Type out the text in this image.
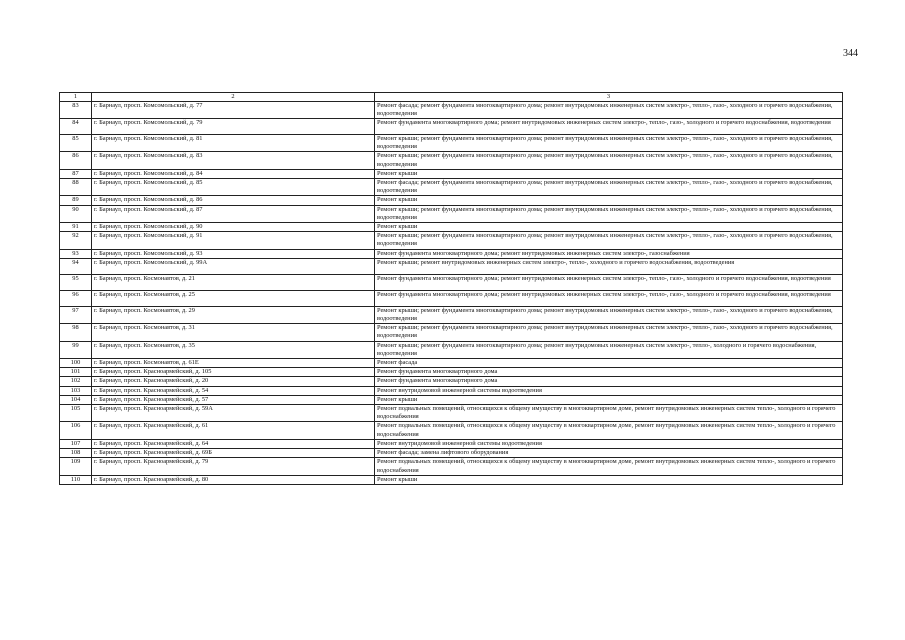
344
1	2	3
83	г. Барнаул, просп. Комсомольский, д. 77	Ремонт фасада; ремонт фундамента многоквартирного дома; ремонт внутридомовых инженерных систем электро-, тепло-, газо-, холодного и горячего водоснабжения, водоотведения
84	г. Барнаул, просп. Комсомольский, д. 79	Ремонт фундамента многоквартирного дома; ремонт внутридомовых инженерных систем электро-, тепло-, газо-, холодного и горячего водоснабжения, водоотведения
85	г. Барнаул, просп. Комсомольский, д. 81	Ремонт крыши; ремонт фундамента многоквартирного дома; ремонт внутридомовых инженерных систем электро-, тепло-, газо-, холодного и горячего водоснабжения, водоотведения
86	г. Барнаул, просп. Комсомольский, д. 83	Ремонт крыши; ремонт фундамента многоквартирного дома; ремонт внутридомовых инженерных систем электро-, тепло-, газо-, холодного и горячего водоснабжения, водоотведения
87	г. Барнаул, просп. Комсомольский, д. 84	Ремонт крыши
88	г. Барнаул, просп. Комсомольский, д. 85	Ремонт фасада; ремонт фундамента многоквартирного дома; ремонт внутридомовых инженерных систем электро-, тепло-, газо-, холодного и горячего водоснабжения, водоотведения
89	г. Барнаул, просп. Комсомольский, д. 86	Ремонт крыши
90	г. Барнаул, просп. Комсомольский, д. 87	Ремонт крыши; ремонт фундамента многоквартирного дома; ремонт внутридомовых инженерных систем электро-, тепло-, газо-, холодного и горячего водоснабжения, водоотведения
91	г. Барнаул, просп. Комсомольский, д. 90	Ремонт крыши
92	г. Барнаул, просп. Комсомольский, д. 91	Ремонт крыши; ремонт фундамента многоквартирного дома; ремонт внутридомовых инженерных систем электро-, тепло-, газо-, холодного и горячего водоснабжения, водоотведения
93	г. Барнаул, просп. Комсомольский, д. 93	Ремонт фундамента многоквартирного дома; ремонт внутридомовых инженерных систем электро-, газоснабжения
94	г. Барнаул, просп. Комсомольский, д. 99А	Ремонт крыши; ремонт внутридомовых инженерных систем электро-, тепло-, холодного и горячего водоснабжения, водоотведения
95	г. Барнаул, просп. Космонавтов, д. 21	Ремонт фундамента многоквартирного дома; ремонт внутридомовых инженерных систем электро-, тепло-, газо-, холодного и горячего водоснабжения, водоотведения
96	г. Барнаул, просп. Космонавтов, д. 25	Ремонт фундамента многоквартирного дома; ремонт внутридомовых инженерных систем электро-, тепло-, газо-, холодного и горячего водоснабжения, водоотведения
97	г. Барнаул, просп. Космонавтов, д. 29	Ремонт крыши; ремонт фундамента многоквартирного дома; ремонт внутридомовых инженерных систем электро-, тепло-, газо-, холодного и горячего водоснабжения, водоотведения
98	г. Барнаул, просп. Космонавтов, д. 31	Ремонт крыши; ремонт фундамента многоквартирного дома; ремонт внутридомовых инженерных систем электро-, тепло-, газо-, холодного и горячего водоснабжения, водоотведения
99	г. Барнаул, просп. Космонавтов, д. 35	Ремонт крыши; ремонт фундамента многоквартирного дома; ремонт внутридомовых инженерных систем электро-, тепло-, холодного и горячего водоснабжения, водоотведения
100	г. Барнаул, просп. Космонавтов, д. 61Е	Ремонт фасада
101	г. Барнаул, просп. Красноармейский, д. 105	Ремонт фундамента многоквартирного дома
102	г. Барнаул, просп. Красноармейский, д. 20	Ремонт фундамента многоквартирного дома
103	г. Барнаул, просп. Красноармейский, д. 54	Ремонт внутридомовой инженерной системы водоотведения
104	г. Барнаул, просп. Красноармейский, д. 57	Ремонт крыши
105	г. Барнаул, просп. Красноармейский, д. 59А	Ремонт подвальных помещений, относящихся к общему имуществу в многоквартирном доме, ремонт внутридомовых инженерных систем тепло-, холодного и горячего водоснабжения
106	г. Барнаул, просп. Красноармейский, д. 61	Ремонт подвальных помещений, относящихся к общему имуществу в многоквартирном доме, ремонт внутридомовых инженерных систем тепло-, холодного и горячего водоснабжения
107	г. Барнаул, просп. Красноармейский, д. 64	Ремонт внутридомовой инженерной системы водоотведения
108	г. Барнаул, просп. Красноармейский, д. 69Б	Ремонт фасада; замена лифтового оборудования
109	г. Барнаул, просп. Красноармейский, д. 79	Ремонт подвальных помещений, относящихся к общему имуществу в многоквартирном доме, ремонт внутридомовых инженерных систем тепло-, холодного и горячего водоснабжения
110	г. Барнаул, просп. Красноармейский, д. 80	Ремонт крыши
